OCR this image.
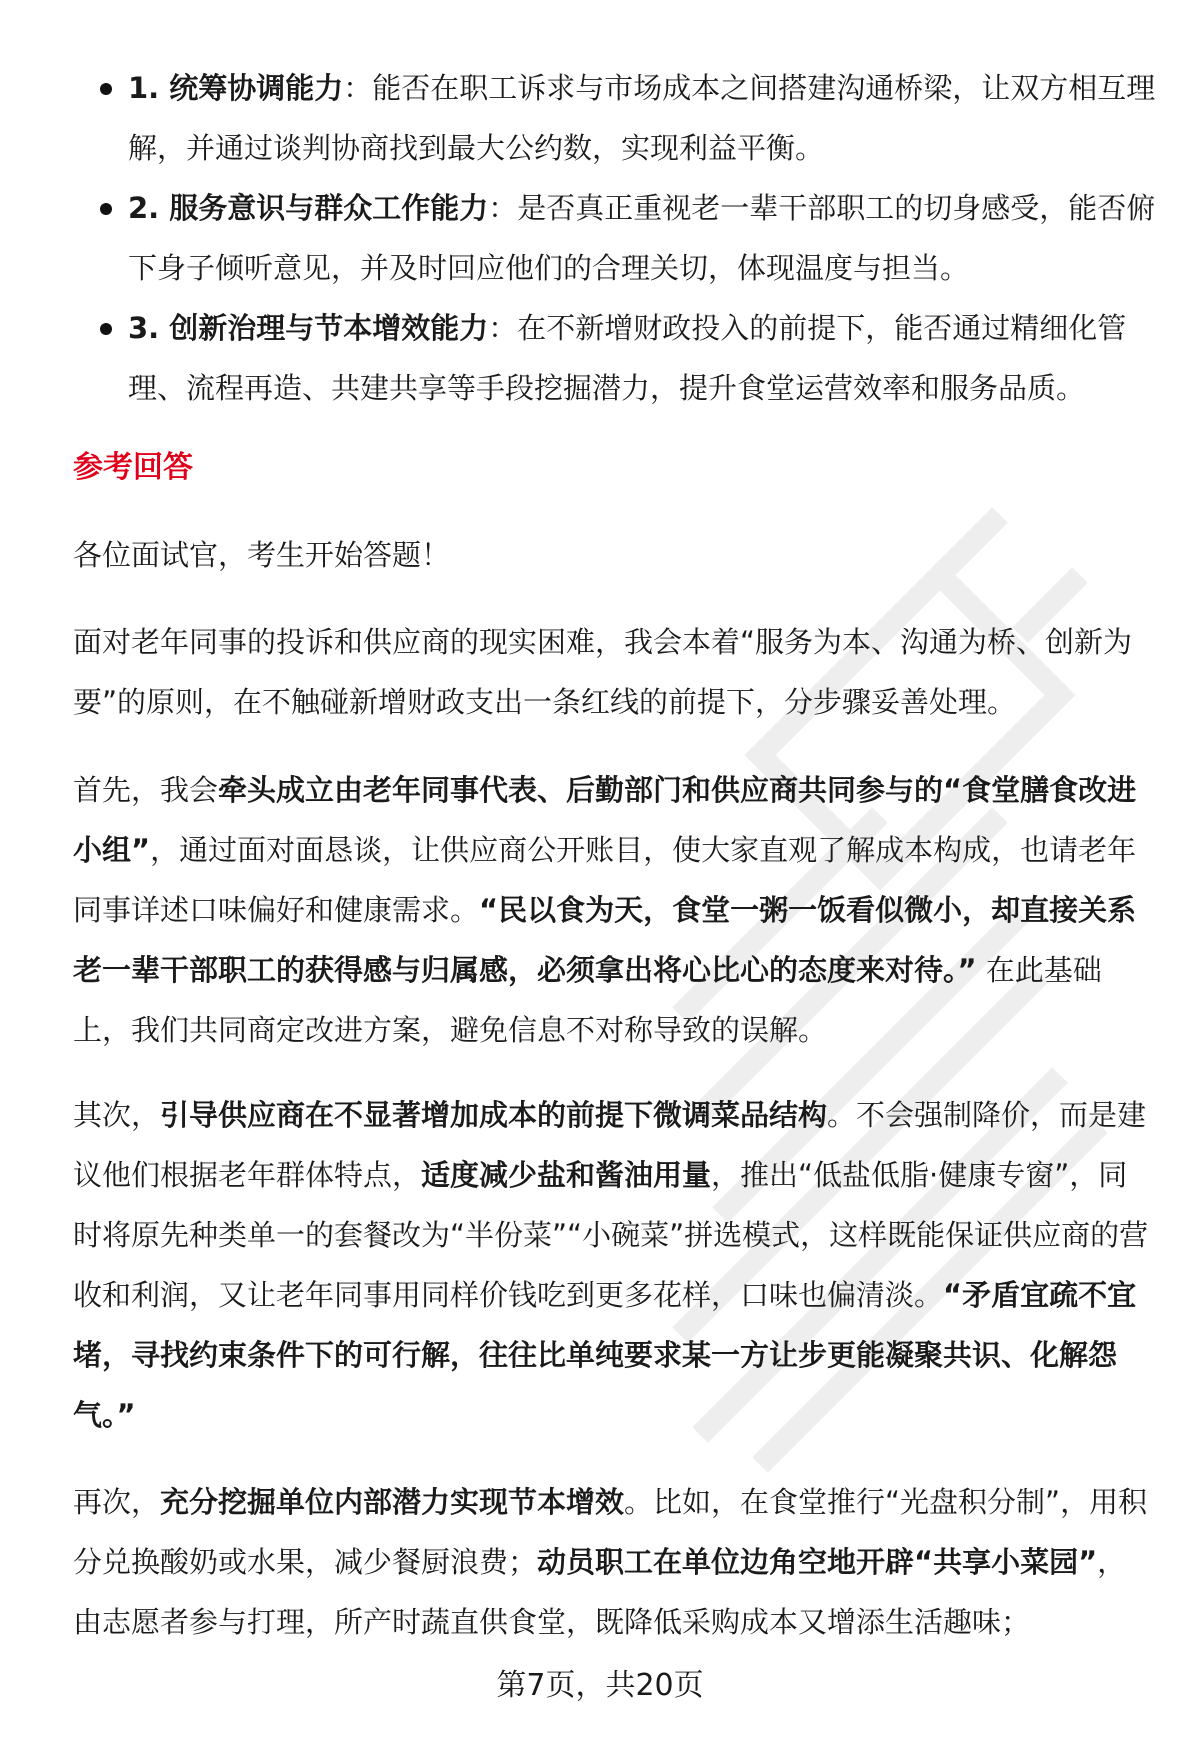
1. 统筹协调能力：能否在职工诉求与市场成本之间搭建沟通桥梁，让双方相互理解，并通过谈判协商找到最大公约数，实现利益平衡。
2. 服务意识与群众工作能力：是否真正重视老一辈干部职工的切身感受，能否俯下身子倾听意见，并及时回应他们的合理关切，体现温度与担当。
3. 创新治理与节本增效能力：在不新增财政投入的前提下，能否通过精细化管理、流程再造、共建共享等手段挖掘潜力，提升食堂运营效率和服务品质。
参考回答

各位面试官，考生开始答题！

面对老年同事的投诉和供应商的现实困难，我会本着“服务为本、沟通为桥、创新为要”的原则，在不触碰新增财政支出一条红线的前提下，分步骤妥善处理。

首先，我会牵头成立由老年同事代表、后勤部门和供应商共同参与的“食堂膳食改进小组”，通过面对面恳谈，让供应商公开账目，使大家直观了解成本构成，也请老年同事详述口味偏好和健康需求。“民以食为天，食堂一粥一饭看似微小，却直接关系老一辈干部职工的获得感与归属感，必须拿出将心比心的态度来对待。” 在此基础上，我们共同商定改进方案，避免信息不对称导致的误解。

其次，引导供应商在不显著增加成本的前提下微调菜品结构。不会强制降价，而是建议他们根据老年群体特点，适度减少盐和酱油用量，推出“低盐低脂·健康专窗”，同时将原先种类单一的套餐改为“半份菜”“小碗菜”拼选模式，这样既能保证供应商的营收和利润，又让老年同事用同样价钱吃到更多花样，口味也偏清淡。“矛盾宜疏不宜堵，寻找约束条件下的可行解，往往比单纯要求某一方让步更能凝聚共识、化解怨气。”

再次，充分挖掘单位内部潜力实现节本增效。比如，在食堂推行“光盘积分制”，用积分兑换酸奶或水果，减少餐厨浪费；动员职工在单位边角空地开辟“共享小菜园”，由志愿者参与打理，所产时蔬直供食堂，既降低采购成本又增添生活趣味；

第7页，共20页
